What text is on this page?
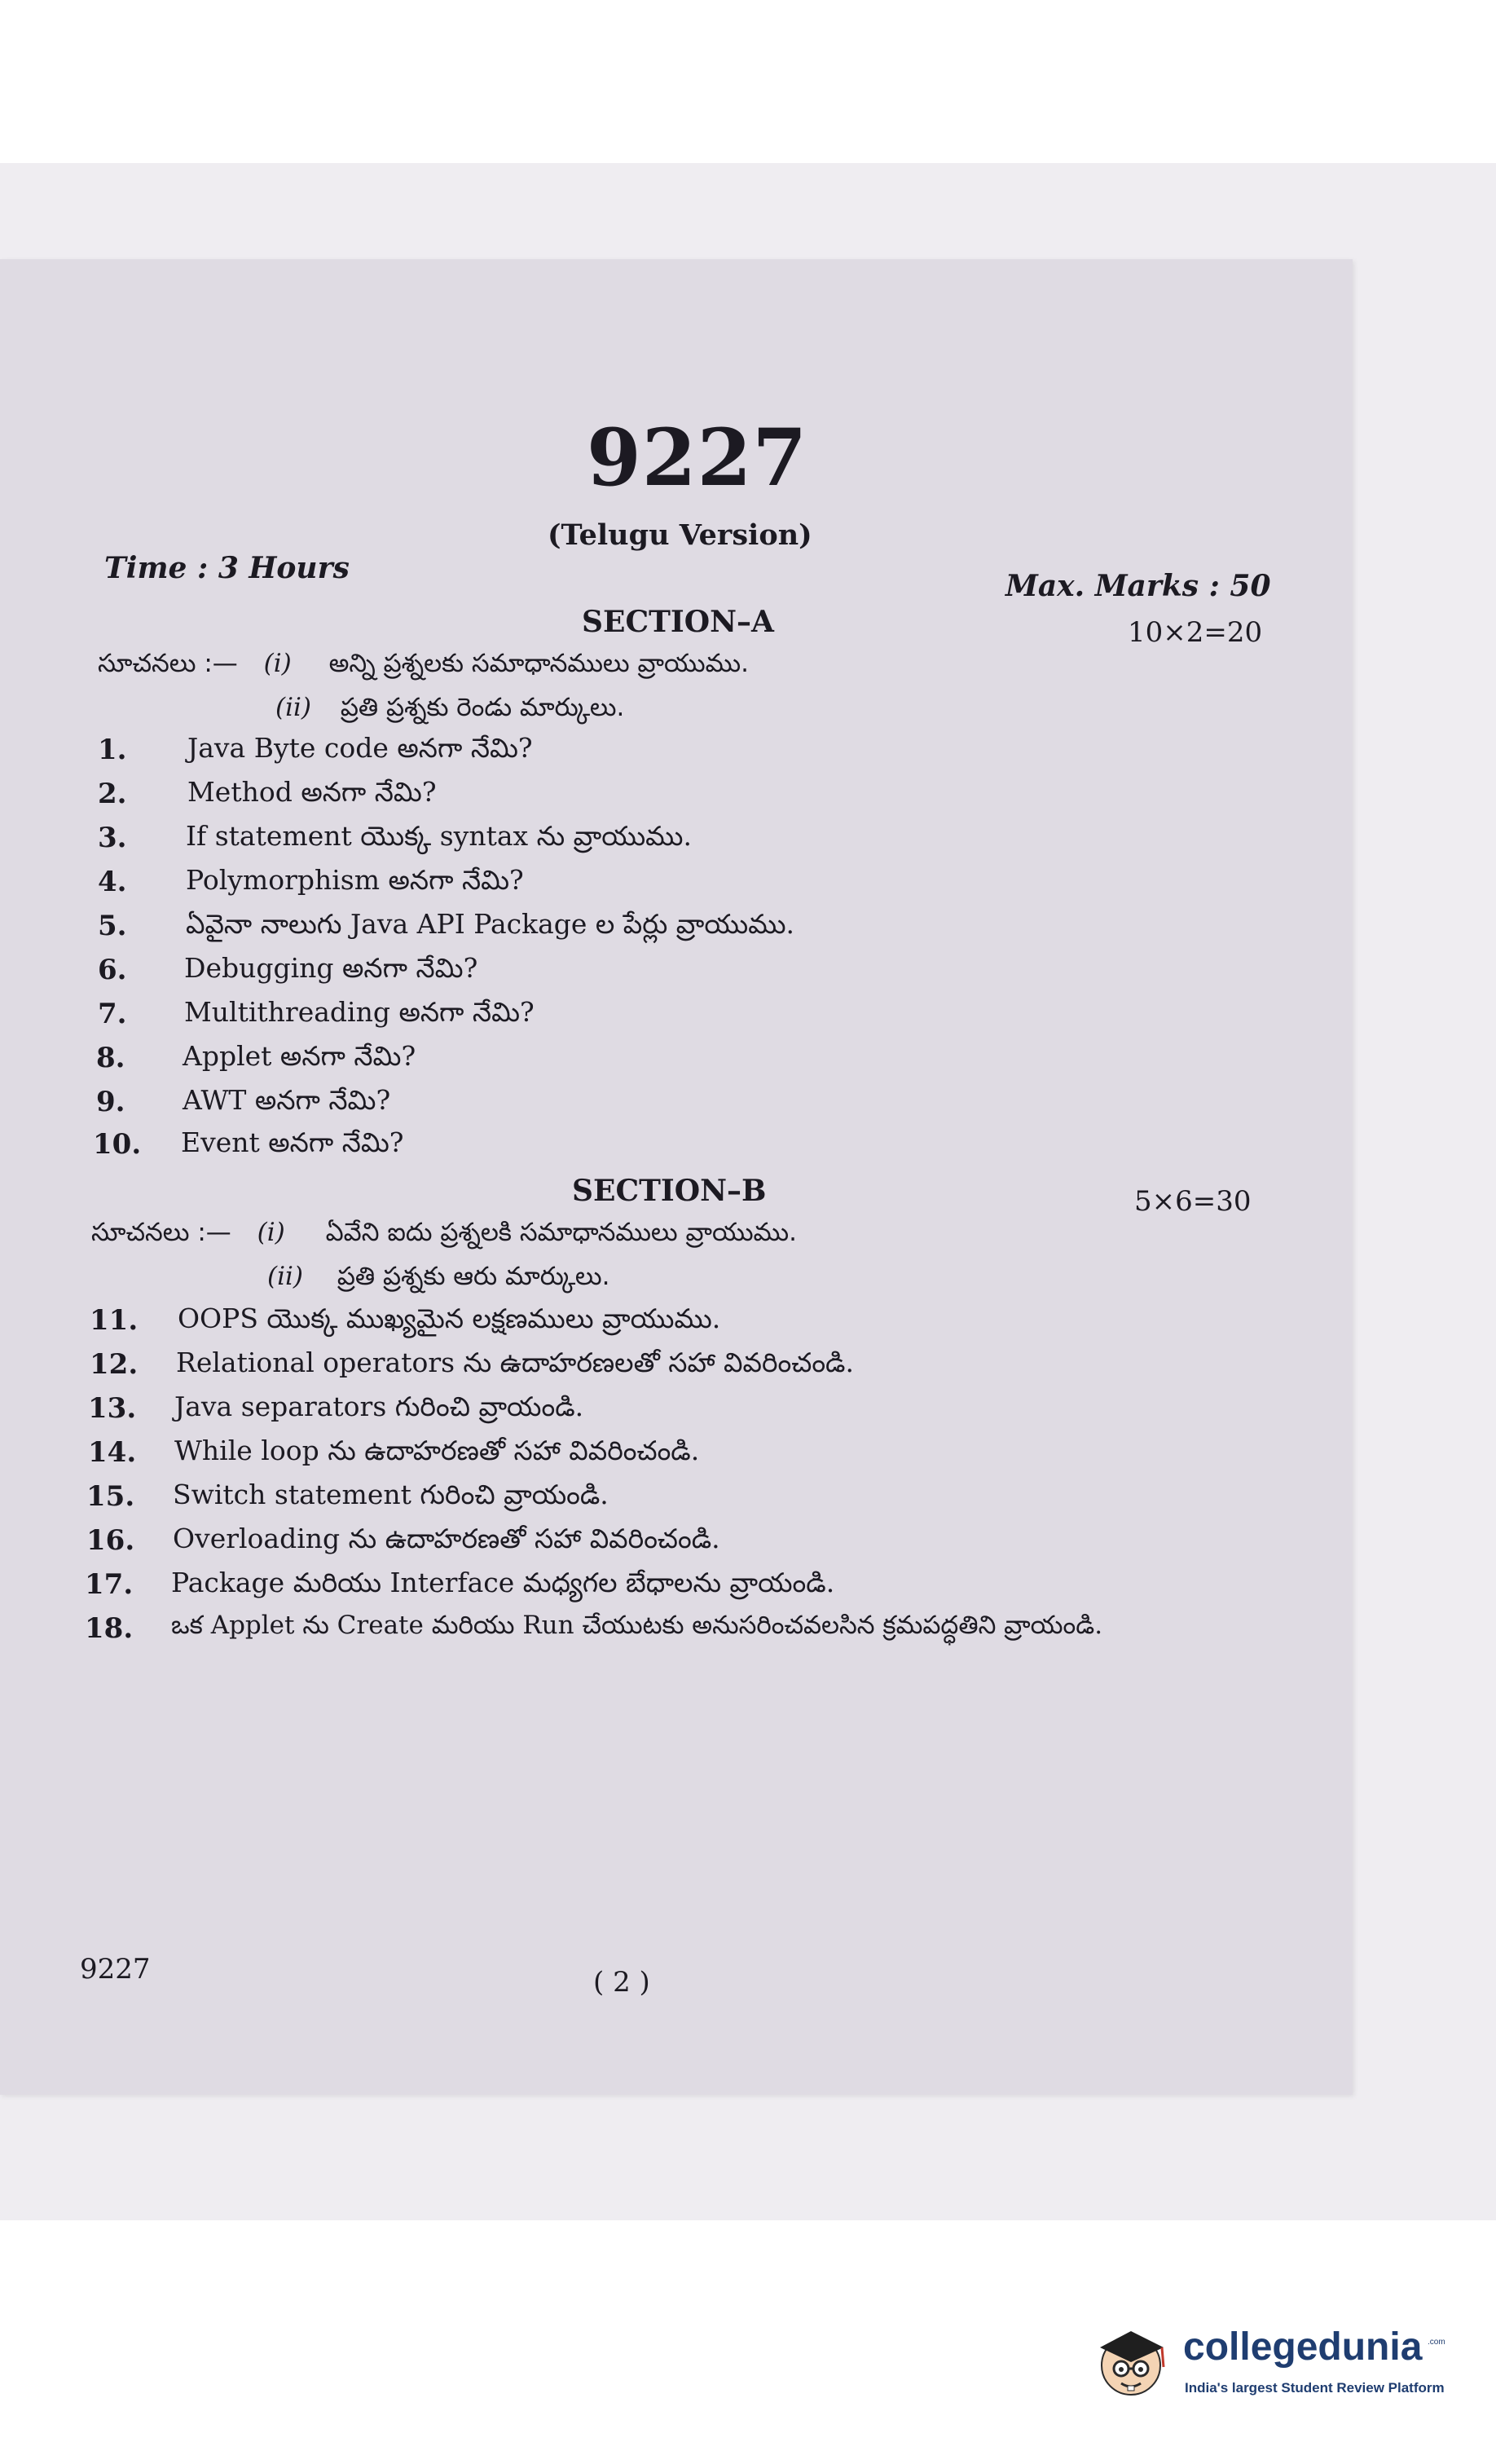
9227
(Telugu Version)
Time : 3 Hours
Max. Marks : 50
SECTION–A	10×2=20
సూచనలు :— (i) అన్ని ప్రశ్నలకు సమాధానములు వ్రాయుము.
(ii) ప్రతి ప్రశ్నకు రెండు మార్కులు.
1. Java Byte code అనగా నేమి?
2. Method అనగా నేమి?
3. If statement యొక్క syntax ను వ్రాయుము.
4. Polymorphism అనగా నేమి?
5. ఏవైనా నాలుగు Java API Package ల పేర్లు వ్రాయుము.
6. Debugging అనగా నేమి?
7. Multithreading అనగా నేమి?
8. Applet అనగా నేమి?
9. AWT అనగా నేమి?
10. Event అనగా నేమి?
SECTION–B	5×6=30
సూచనలు :— (i) ఏవేని ఐదు ప్రశ్నలకి సమాధానములు వ్రాయుము.
(ii) ప్రతి ప్రశ్నకు ఆరు మార్కులు.
11. OOPS యొక్క ముఖ్యమైన లక్షణములు వ్రాయుము.
12. Relational operators ను ఉదాహరణలతో సహా వివరించండి.
13. Java separators గురించి వ్రాయండి.
14. While loop ను ఉదాహరణతో సహా వివరించండి.
15. Switch statement గురించి వ్రాయండి.
16. Overloading ను ఉదాహరణతో సహా వివరించండి.
17. Package మరియు Interface మధ్యగల బేధాలను వ్రాయండి.
18. ఒక Applet ను Create మరియు Run చేయుటకు అనుసరించవలసిన క్రమపద్ధతిని వ్రాయండి.
9227	( 2 )
collegedunia .com
India's largest Student Review Platform
